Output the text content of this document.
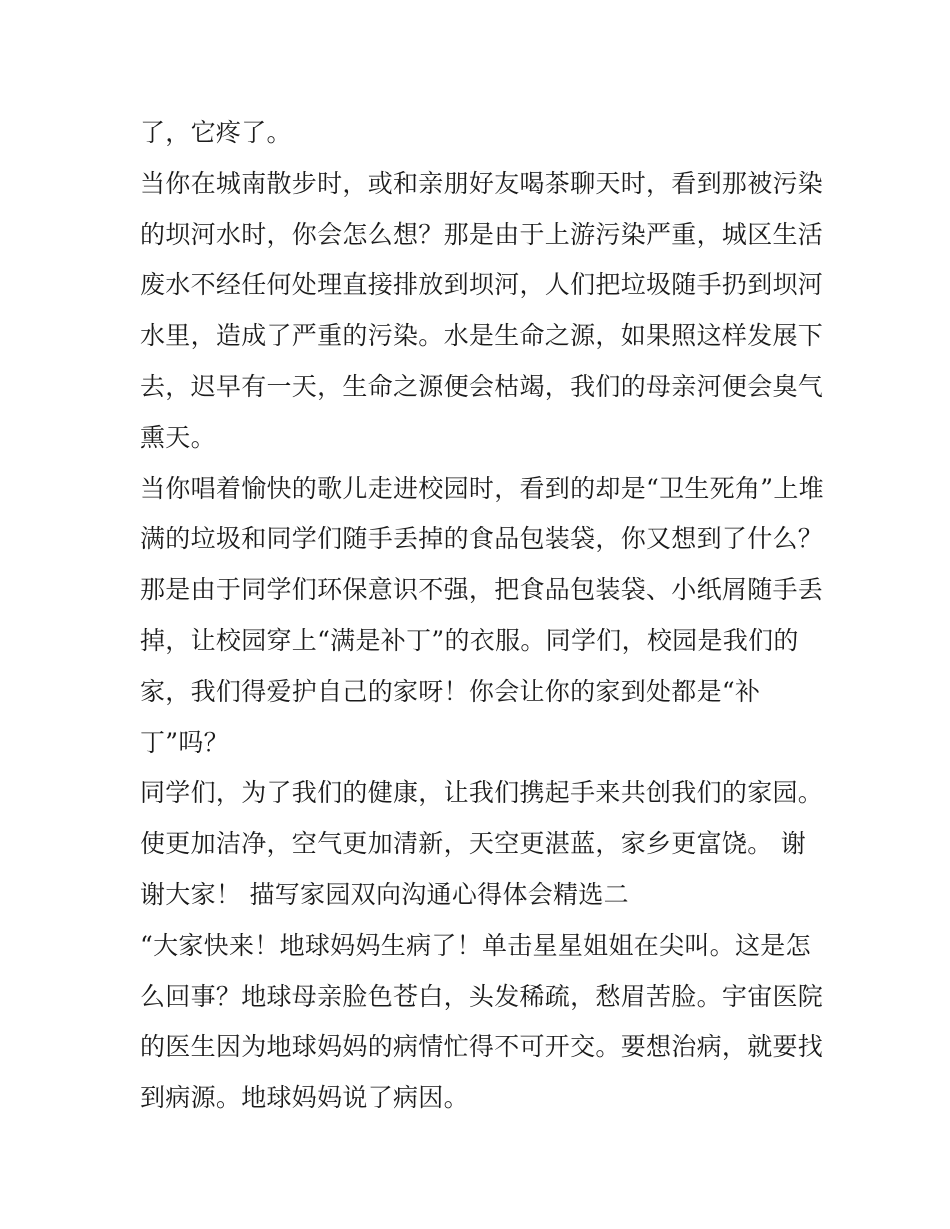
了，它疼了。
当你在城南散步时，或和亲朋好友喝茶聊天时，看到那被污染
的坝河水时，你会怎么想？那是由于上游污染严重，城区生活
废水不经任何处理直接排放到坝河，人们把垃圾随手扔到坝河
水里，造成了严重的污染。水是生命之源，如果照这样发展下
去，迟早有一天，生命之源便会枯竭，我们的母亲河便会臭气
熏天。
当你唱着愉快的歌儿走进校园时，看到的却是“卫生死角”上堆
满的垃圾和同学们随手丢掉的食品包装袋，你又想到了什么？
那是由于同学们环保意识不强，把食品包装袋、小纸屑随手丢
掉，让校园穿上“满是补丁”的衣服。同学们，校园是我们的
家，我们得爱护自己的家呀！你会让你的家到处都是“补
丁”吗？
同学们，为了我们的健康，让我们携起手来共创我们的家园。
使更加洁净，空气更加清新，天空更湛蓝，家乡更富饶。 谢
谢大家！ 描写家园双向沟通心得体会精选二
“大家快来！地球妈妈生病了！单击星星姐姐在尖叫。这是怎
么回事？地球母亲脸色苍白，头发稀疏，愁眉苦脸。宇宙医院
的医生因为地球妈妈的病情忙得不可开交。要想治病，就要找
到病源。地球妈妈说了病因。
